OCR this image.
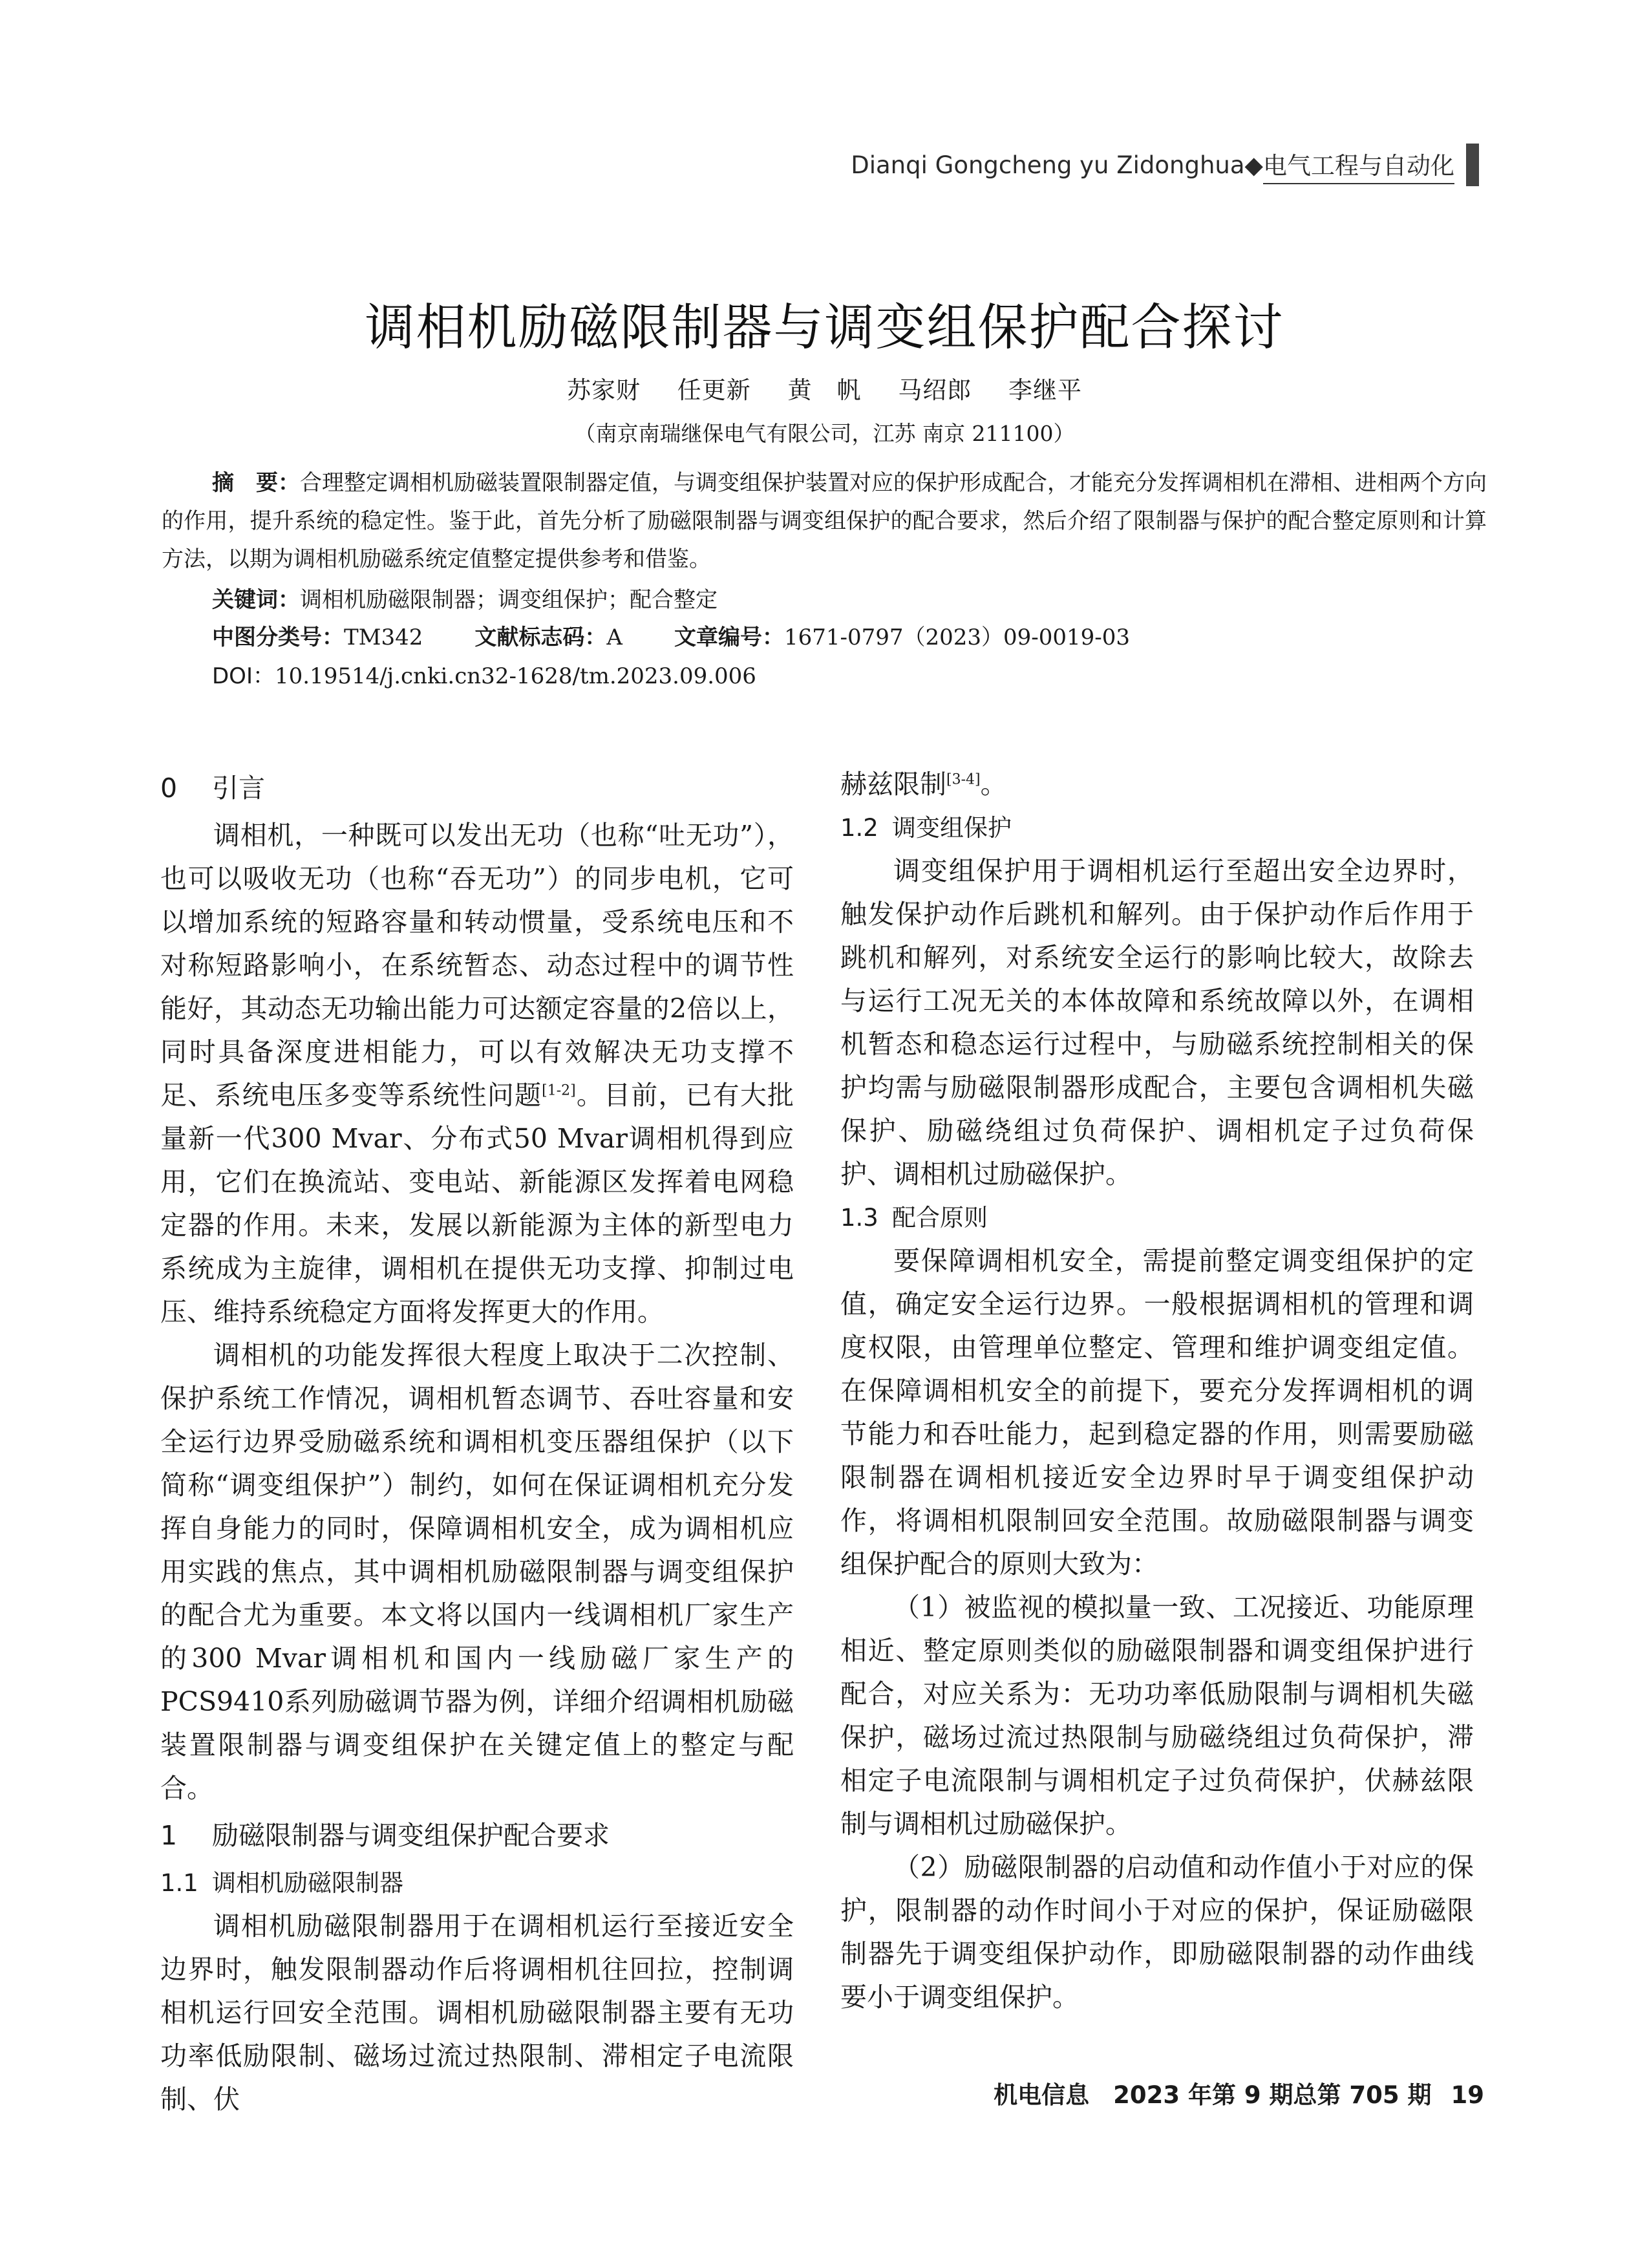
Dianqi Gongcheng yu Zidonghua ◆ 电气工程与自动化
调相机励磁限制器与调变组保护配合探讨
苏家财 任更新 黄　帆 马绍郎 李继平
（南京南瑞继保电气有限公司，江苏 南京 211100）

摘　要：合理整定调相机励磁装置限制器定值，与调变组保护装置对应的保护形成配合，才能充分发挥调相机在滞相、进相两个方向的作用，提升系统的稳定性。鉴于此，首先分析了励磁限制器与调变组保护的配合要求，然后介绍了限制器与保护的配合整定原则和计算方法，以期为调相机励磁系统定值整定提供参考和借鉴。

关键词：调相机励磁限制器；调变组保护；配合整定
中图分类号：TM342 文献标志码：A 文章编号：1671-0797（2023）09-0019-03
DOI：10.19514/j.cnki.cn32-1628/tm.2023.09.006
0 引言

调相机，一种既可以发出无功（也称“吐无功”），也可以吸收无功（也称“吞无功”）的同步电机，它可以增加系统的短路容量和转动惯量，受系统电压和不对称短路影响小，在系统暂态、动态过程中的调节性能好，其动态无功输出能力可达额定容量的2倍以上，同时具备深度进相能力，可以有效解决无功支撑不足、系统电压多变等系统性问题[1-2]。目前，已有大批量新一代300 Mvar、分布式50 Mvar调相机得到应用，它们在换流站、变电站、新能源区发挥着电网稳定器的作用。未来，发展以新能源为主体的新型电力系统成为主旋律，调相机在提供无功支撑、抑制过电压、维持系统稳定方面将发挥更大的作用。

调相机的功能发挥很大程度上取决于二次控制、保护系统工作情况，调相机暂态调节、吞吐容量和安全运行边界受励磁系统和调相机变压器组保护（以下简称“调变组保护”）制约，如何在保证调相机充分发挥自身能力的同时，保障调相机安全，成为调相机应用实践的焦点，其中调相机励磁限制器与调变组保护的配合尤为重要。本文将以国内一线调相机厂家生产的300 Mvar调相机和国内一线励磁厂家生产的PCS9410系列励磁调节器为例，详细介绍调相机励磁装置限制器与调变组保护在关键定值上的整定与配合。

1 励磁限制器与调变组保护配合要求
1.1 调相机励磁限制器

调相机励磁限制器用于在调相机运行至接近安全边界时，触发限制器动作后将调相机往回拉，控制调相机运行回安全范围。调相机励磁限制器主要有无功功率低励限制、磁场过流过热限制、滞相定子电流限制、伏

赫兹限制[3-4]。

1.2 调变组保护

调变组保护用于调相机运行至超出安全边界时，触发保护动作后跳机和解列。由于保护动作后作用于跳机和解列，对系统安全运行的影响比较大，故除去与运行工况无关的本体故障和系统故障以外，在调相机暂态和稳态运行过程中，与励磁系统控制相关的保护均需与励磁限制器形成配合，主要包含调相机失磁保护、励磁绕组过负荷保护、调相机定子过负荷保护、调相机过励磁保护。

1.3 配合原则

要保障调相机安全，需提前整定调变组保护的定值，确定安全运行边界。一般根据调相机的管理和调度权限，由管理单位整定、管理和维护调变组定值。在保障调相机安全的前提下，要充分发挥调相机的调节能力和吞吐能力，起到稳定器的作用，则需要励磁限制器在调相机接近安全边界时早于调变组保护动作，将调相机限制回安全范围。故励磁限制器与调变组保护配合的原则大致为：

（1）被监视的模拟量一致、工况接近、功能原理相近、整定原则类似的励磁限制器和调变组保护进行配合，对应关系为：无功功率低励限制与调相机失磁保护，磁场过流过热限制与励磁绕组过负荷保护，滞相定子电流限制与调相机定子过负荷保护，伏赫兹限制与调相机过励磁保护。

（2）励磁限制器的启动值和动作值小于对应的保护，限制器的动作时间小于对应的保护，保证励磁限制器先于调变组保护动作，即励磁限制器的动作曲线要小于调变组保护。

机电信息　2023 年第 9 期总第 705 期 19
